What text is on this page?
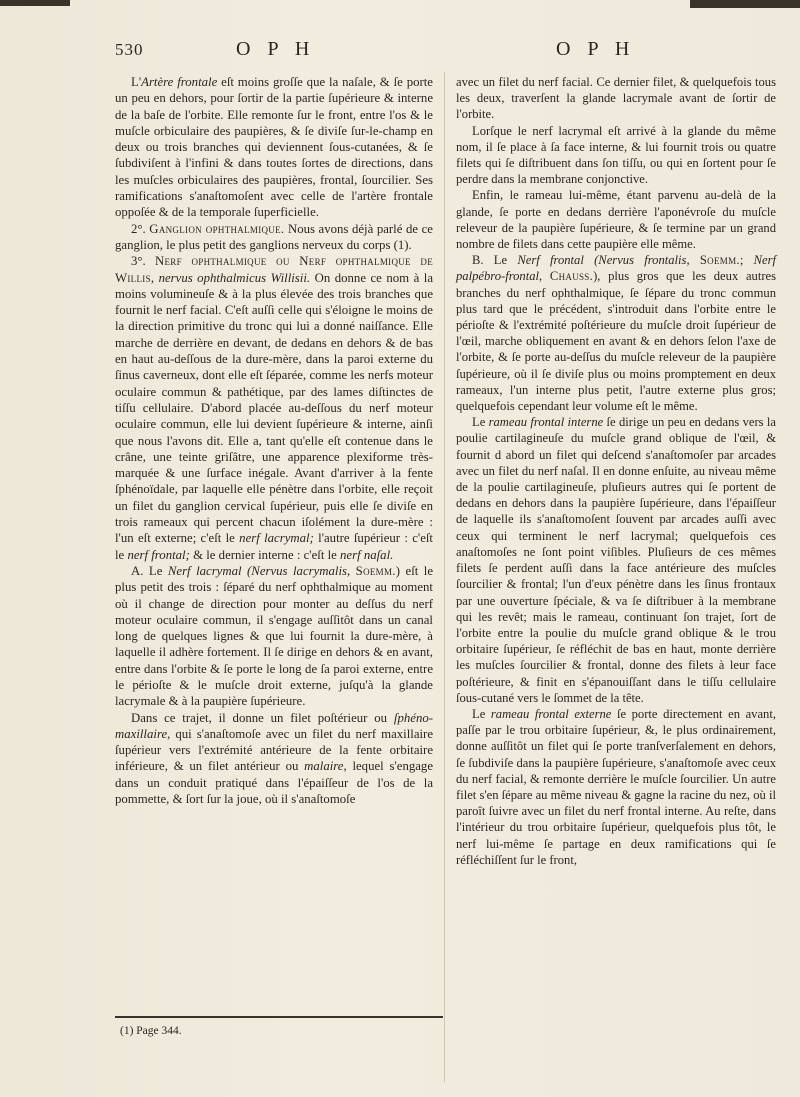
530	O P H	O P H

L'Artère frontale eſt moins groſſe que la naſale, & ſe porte un peu en dehors, pour ſortir de la partie ſupérieure & interne de la baſe de l'orbite. Elle remonte ſur le front, entre l'os & le muſcle orbiculaire des paupières, & ſe diviſe ſur-le-champ en deux ou trois branches qui deviennent ſous-cutanées, & ſe ſubdiviſent à l'infini & dans toutes ſortes de directions, dans les muſcles orbiculaires des paupières, frontal, ſourcilier. Ses ramifications s'anaſtomoſent avec celle de l'artère frontale oppoſée & de la temporale ſuperficielle.

2°. Ganglion ophthalmique. Nous avons déjà parlé de ce ganglion, le plus petit des ganglions nerveux du corps (1).

3°. Nerf ophthalmique ou Nerf ophthalmique de Willis, nervus ophthalmicus Willisii. On donne ce nom à la moins volumineuſe & à la plus élevée des trois branches que fournit le nerf facial. C'eſt auſſi celle qui s'éloigne le moins de la direction primitive du tronc qui lui a donné naiſſance. Elle marche de derrière en devant, de dedans en dehors & de bas en haut au-deſſous de la dure-mère, dans la paroi externe du ſinus caverneux, dont elle eſt ſéparée, comme les nerfs moteur oculaire commun & pathétique, par des lames diſtinctes de tiſſu cellulaire. D'abord placée au-deſſous du nerf moteur oculaire commun, elle lui devient ſupérieure & interne, ainſi que nous l'avons dit. Elle a, tant qu'elle eſt contenue dans le crâne, une teinte griſâtre, une apparence plexiforme très-marquée & une ſurface inégale. Avant d'arriver à la fente ſphénoïdale, par laquelle elle pénètre dans l'orbite, elle reçoit un filet du ganglion cervical ſupérieur, puis elle ſe diviſe en trois rameaux qui percent chacun iſolément la dure-mère : l'un eſt externe; c'eſt le nerf lacrymal; l'autre ſupérieur : c'eſt le nerf frontal; & le dernier interne : c'eſt le nerf naſal.

A. Le Nerf lacrymal (Nervus lacrymalis, Soemm.) eſt le plus petit des trois : ſéparé du nerf ophthalmique au moment où il change de direction pour monter au deſſus du nerf moteur oculaire commun, il s'engage auſſitôt dans un canal long de quelques lignes & que lui fournit la dure-mère, à laquelle il adhère fortement. Il ſe dirige en dehors & en avant, entre dans l'orbite & ſe porte le long de ſa paroi externe, entre le périoſte & le muſcle droit externe, juſqu'à la glande lacrymale & à la paupière ſupérieure.

Dans ce trajet, il donne un filet poſtérieur ou ſphéno-maxillaire, qui s'anaſtomoſe avec un filet du nerf maxillaire ſupérieur vers l'extrémité antérieure de la fente orbitaire inférieure, & un filet antérieur ou malaire, lequel s'engage dans un conduit pratiqué dans l'épaiſſeur de l'os de la pommette, & ſort ſur la joue, où il s'anaſtomoſe

avec un filet du nerf facial. Ce dernier filet, & quelquefois tous les deux, traverſent la glande lacrymale avant de ſortir de l'orbite.

Lorſque le nerf lacrymal eſt arrivé à la glande du même nom, il ſe place à ſa face interne, & lui fournit trois ou quatre filets qui ſe diſtribuent dans ſon tiſſu, ou qui en ſortent pour ſe perdre dans la membrane conjonctive.

Enfin, le rameau lui-même, étant parvenu au-delà de la glande, ſe porte en dedans derrière l'aponévroſe du muſcle releveur de la paupière ſupérieure, & ſe termine par un grand nombre de filets dans cette paupière elle même.

B. Le Nerf frontal (Nervus frontalis, Soemm.; Nerf palpébro-frontal, Chauss.), plus gros que les deux autres branches du nerf ophthalmique, ſe ſépare du tronc commun plus tard que le précédent, s'introduit dans l'orbite entre le périoſte & l'extrémité poſtérieure du muſcle droit ſupérieur de l'œil, marche obliquement en avant & en dehors ſelon l'axe de l'orbite, & ſe porte au-deſſus du muſcle releveur de la paupière ſupérieure, où il ſe diviſe plus ou moins promptement en deux rameaux, l'un interne plus petit, l'autre externe plus gros; quelquefois cependant leur volume eſt le même.

Le rameau frontal interne ſe dirige un peu en dedans vers la poulie cartilagineuſe du muſcle grand oblique de l'œil, & fournit d abord un filet qui deſcend s'anaſtomoſer par arcades avec un filet du nerf naſal. Il en donne enſuite, au niveau même de la poulie cartilagineuſe, pluſieurs autres qui ſe portent de dedans en dehors dans la paupière ſupérieure, dans l'épaiſſeur de laquelle ils s'anaſtomoſent ſouvent par arcades auſſi avec ceux qui terminent le nerf lacrymal; quelquefois ces anaſtomoſes ne ſont point viſibles. Pluſieurs de ces mêmes filets ſe perdent auſſi dans la face antérieure des muſcles ſourcilier & frontal; l'un d'eux pénètre dans les ſinus frontaux par une ouverture ſpéciale, & va ſe diſtribuer à la membrane qui les revêt; mais le rameau, continuant ſon trajet, ſort de l'orbite entre la poulie du muſcle grand oblique & le trou orbitaire ſupérieur, ſe réfléchit de bas en haut, monte derrière les muſcles ſourcilier & frontal, donne des filets à leur face poſtérieure, & finit en s'épanouiſſant dans le tiſſu cellulaire ſous-cutané vers le ſommet de la tête.

Le rameau frontal externe ſe porte directement en avant, paſſe par le trou orbitaire ſupérieur, &, le plus ordinairement, donne auſſitôt un filet qui ſe porte tranſverſalement en dehors, ſe ſubdiviſe dans la paupière ſupérieure, s'anaſtomoſe avec ceux du nerf facial, & remonte derrière le muſcle ſourcilier. Un autre filet s'en ſépare au même niveau & gagne la racine du nez, où il paroît ſuivre avec un filet du nerf frontal interne. Au reſte, dans l'intérieur du trou orbitaire ſupérieur, quelquefois plus tôt, le nerf lui-même ſe partage en deux ramifications qui ſe réfléchiſſent ſur le front,

(1) Page 344.
